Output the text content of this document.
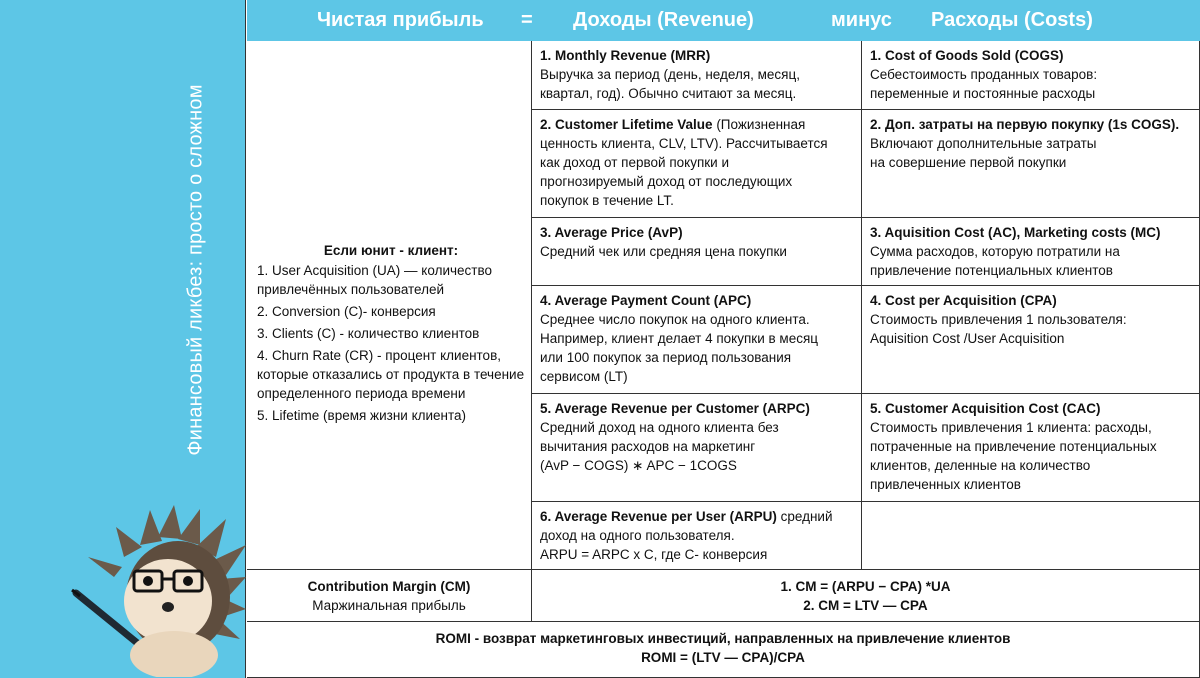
Финансовый ликбез: просто о сложном
Чистая прибыль = Доходы (Revenue)	минус Расходы (Costs)
Если юнит - клиент:
1. User Acquisition (UA) — количество привлечённых пользователей
2. Conversion (C)- конверсия
3. Clients (C) - количество клиентов
4. Churn Rate (CR) - процент клиентов, которые отказались от продукта в течение определенного периода времени
5. Lifetime (время жизни клиента)
1. Monthly Revenue (MRR)
Выручка за период (день, неделя, месяц,
квартал, год). Обычно считают за месяц.
2. Customer Lifetime Value (Пожизненная
ценность клиента, CLV, LTV). Рассчитывается
как доход от первой покупки и
прогнозируемый доход от последующих
покупок в течение LT.
3. Average Price (AvP)
Средний чек или средняя цена покупки
4. Average Payment Count (APC)
Среднее число покупок на одного клиента.
Например, клиент делает 4 покупки в месяц
или 100 покупок за период пользования
сервисом (LT)
5. Average Revenue per Customer (ARPC)
Средний доход на одного клиента без
вычитания расходов на маркетинг
(AvP − COGS) ∗ APC − 1COGS
6. Average Revenue per User (ARPU) средний
доход на одного пользователя.
ARPU = ARPC x C, где С- конверсия
1. Cost of Goods Sold (COGS)
Себестоимость проданных товаров:
переменные и постоянные расходы
2. Доп. затраты на первую покупку (1s COGS).
Включают дополнительные затраты
на совершение первой покупки
3. Aquisition Cost (AC), Marketing costs (MC)
Сумма расходов, которую потратили на
привлечение потенциальных клиентов
4. Cost per Acquisition (CPA)
Стоимость привлечения 1 пользователя:
Aquisition Cost /User Acquisition
5. Customer Acquisition Cost (CAC)
Стоимость привлечения 1 клиента: расходы,
потраченные на привлечение потенциальных
клиентов, деленные на количество
привлеченных клиентов
Contribution Margin (CM)
Маржинальная прибыль
1. CM = (ARPU − CPA) *UA
2. CM = LTV — CPA
ROMI - возврат маркетинговых инвестиций, направленных на привлечение клиентов
ROMI = (LTV — CPA)/CPA
